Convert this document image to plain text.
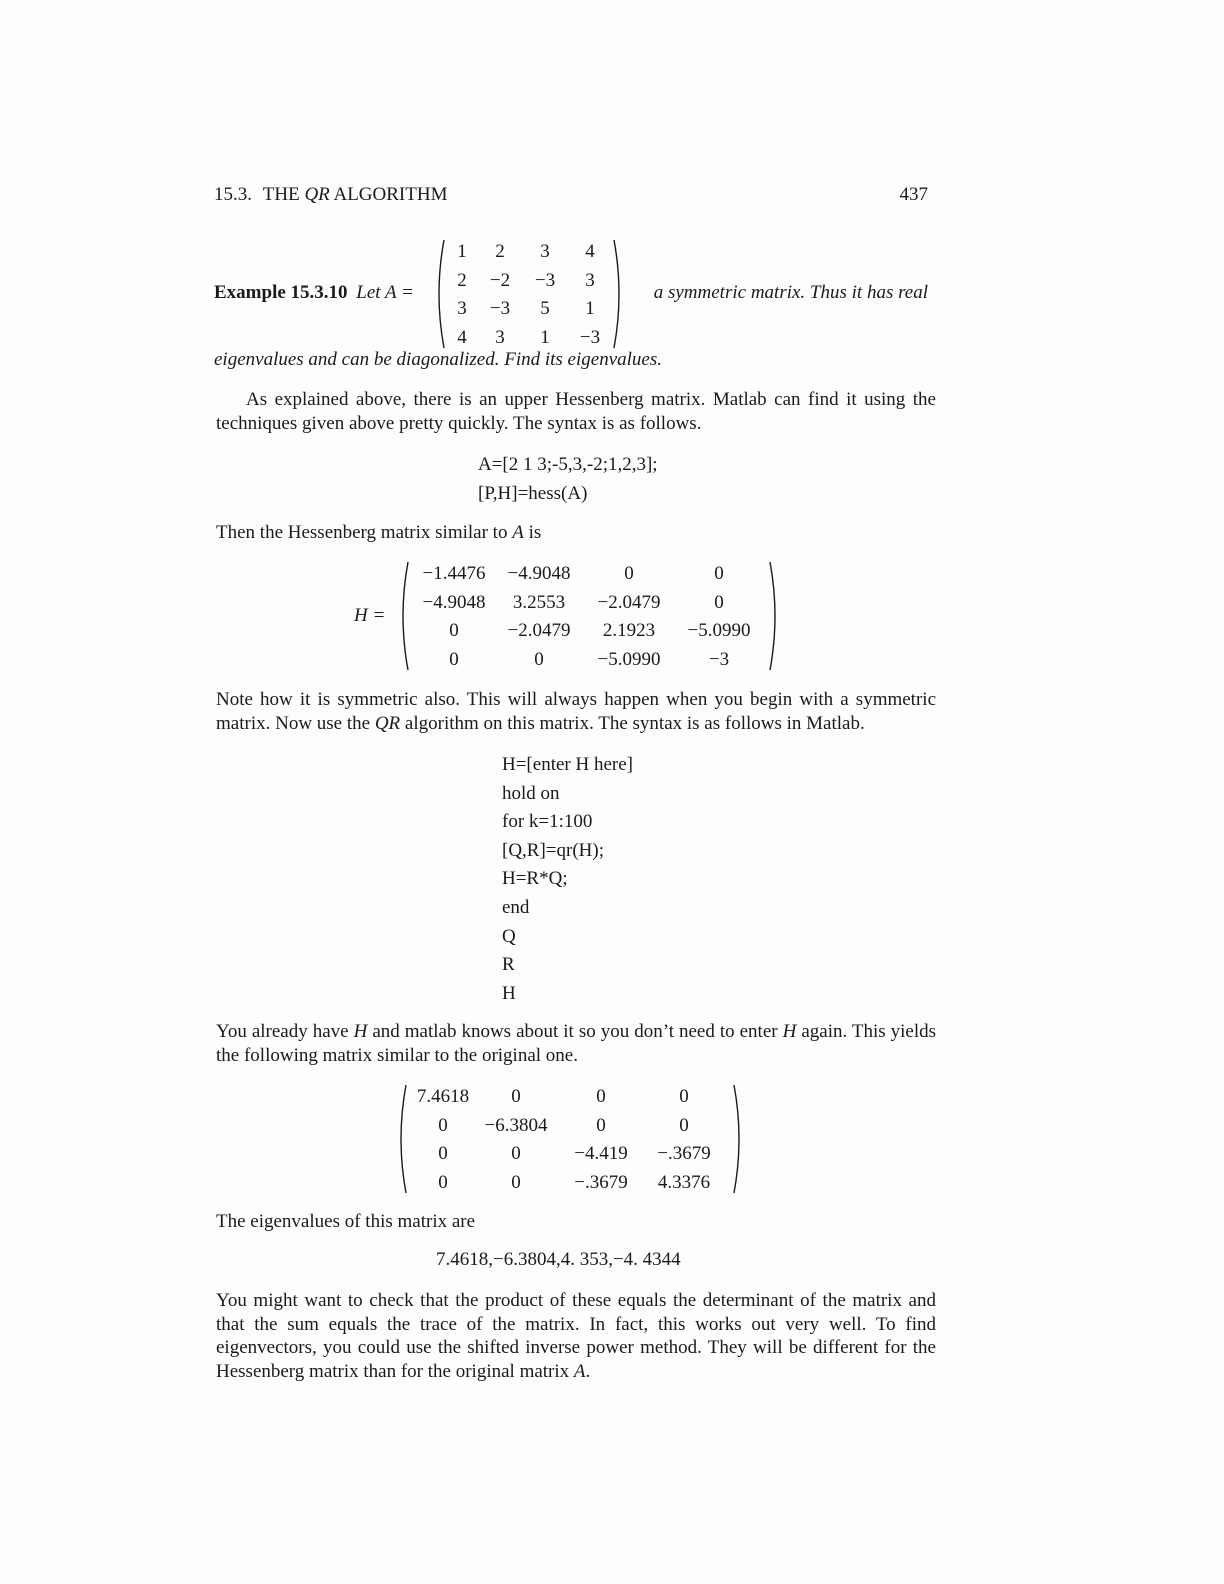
15.3. THE QR ALGORITHM	437
Example 15.3.10 Let A =
1	2	3	4
2	−2	−3	3
3	−3	5	1
4	3	1	−3
a symmetric matrix. Thus it has real
eigenvalues and can be diagonalized. Find its eigenvalues.
As explained above, there is an upper Hessenberg matrix. Matlab can find it using the techniques given above pretty quickly. The syntax is as follows.
A=[2 1 3;-5,3,-2;1,2,3];
[P,H]=hess(A)
Then the Hessenberg matrix similar to A is
H =
−1.4476	−4.9048	0	0
−4.9048	3.2553	−2.0479	0
0	−2.0479	2.1923	−5.0990
0	0	−5.0990	−3
Note how it is symmetric also. This will always happen when you begin with a symmetric matrix. Now use the QR algorithm on this matrix. The syntax is as follows in Matlab.
H=[enter H here]
hold on
for k=1:100
[Q,R]=qr(H);
H=R*Q;
end
Q
R
H
You already have H and matlab knows about it so you don’t need to enter H again. This yields the following matrix similar to the original one.
7.4618	0	0	0
0	−6.3804	0	0
0	0	−4.419	−.3679
0	0	−.3679	4.3376
The eigenvalues of this matrix are
7.4618,−6.3804,4. 353,−4. 4344
You might want to check that the product of these equals the determinant of the matrix and that the sum equals the trace of the matrix. In fact, this works out very well. To find eigenvectors, you could use the shifted inverse power method. They will be different for the Hessenberg matrix than for the original matrix A.
